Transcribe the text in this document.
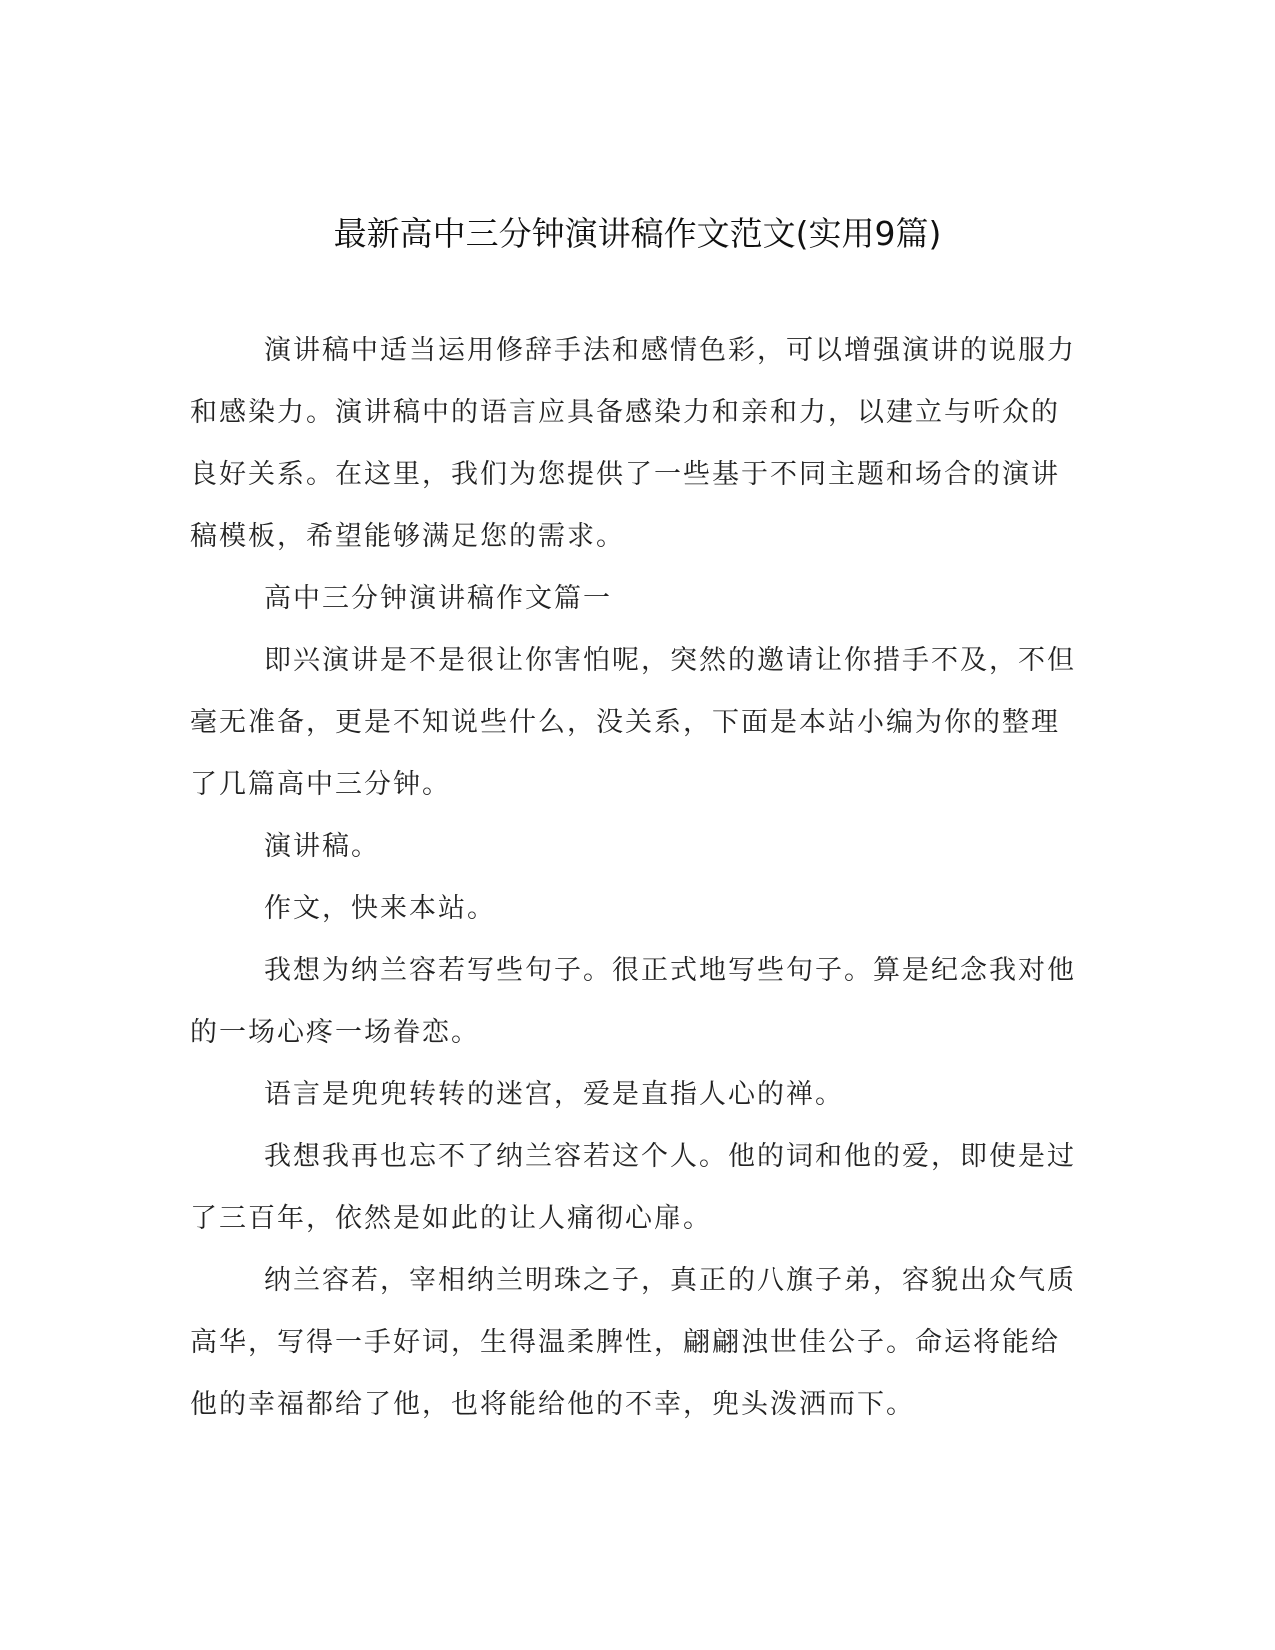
最新高中三分钟演讲稿作文范文(实用9篇)

演讲稿中适当运用修辞手法和感情色彩，可以增强演讲的说服力和感染力。演讲稿中的语言应具备感染力和亲和力，以建立与听众的良好关系。在这里，我们为您提供了一些基于不同主题和场合的演讲稿模板，希望能够满足您的需求。

高中三分钟演讲稿作文篇一

即兴演讲是不是很让你害怕呢，突然的邀请让你措手不及，不但毫无准备，更是不知说些什么，没关系，下面是本站小编为你的整理了几篇高中三分钟。

演讲稿。

作文，快来本站。

我想为纳兰容若写些句子。很正式地写些句子。算是纪念我对他的一场心疼一场眷恋。

语言是兜兜转转的迷宫，爱是直指人心的禅。

我想我再也忘不了纳兰容若这个人。他的词和他的爱，即使是过了三百年，依然是如此的让人痛彻心扉。

纳兰容若，宰相纳兰明珠之子，真正的八旗子弟，容貌出众气质高华，写得一手好词，生得温柔脾性，翩翩浊世佳公子。命运将能给他的幸福都给了他，也将能给他的不幸，兜头泼洒而下。
